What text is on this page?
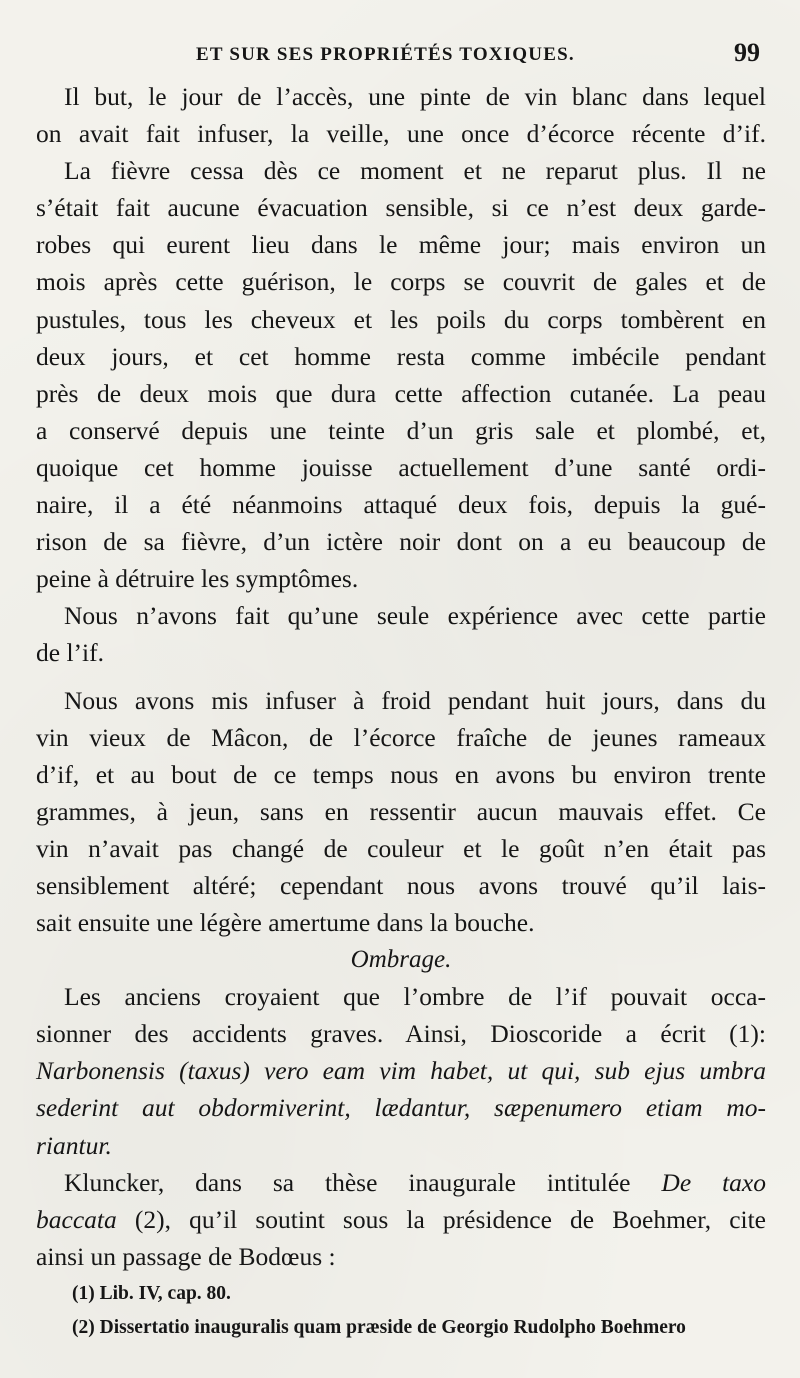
ET SUR SES PROPRIÉTÉS TOXIQUES.	99
Il but, le jour de l’accès, une pinte de vin blanc dans lequel
on avait fait infuser, la veille, une once d’écorce récente d’if.
La fièvre cessa dès ce moment et ne reparut plus. Il ne
s’était fait aucune évacuation sensible, si ce n’est deux garde-
robes qui eurent lieu dans le même jour; mais environ un
mois après cette guérison, le corps se couvrit de gales et de
pustules, tous les cheveux et les poils du corps tombèrent en
deux jours, et cet homme resta comme imbécile pendant
près de deux mois que dura cette affection cutanée. La peau
a conservé depuis une teinte d’un gris sale et plombé, et,
quoique cet homme jouisse actuellement d’une santé ordi-
naire, il a été néanmoins attaqué deux fois, depuis la gué-
rison de sa fièvre, d’un ictère noir dont on a eu beaucoup de
peine à détruire les symptômes.
Nous n’avons fait qu’une seule expérience avec cette partie
de l’if.
Nous avons mis infuser à froid pendant huit jours, dans du
vin vieux de Mâcon, de l’écorce fraîche de jeunes rameaux
d’if, et au bout de ce temps nous en avons bu environ trente
grammes, à jeun, sans en ressentir aucun mauvais effet. Ce
vin n’avait pas changé de couleur et le goût n’en était pas
sensiblement altéré; cependant nous avons trouvé qu’il lais-
sait ensuite une légère amertume dans la bouche.
Ombrage.
Les anciens croyaient que l’ombre de l’if pouvait occa-
sionner des accidents graves. Ainsi, Dioscoride a écrit (1):
Narbonensis (taxus) vero eam vim habet, ut qui, sub ejus umbra
sederint aut obdormiverint, lædantur, sæpenumero etiam mo-
riantur.
Kluncker, dans sa thèse inaugurale intitulée De taxo
baccata (2), qu’il soutint sous la présidence de Boehmer, cite
ainsi un passage de Bodœus :
(1) Lib. IV, cap. 80.
(2) Dissertatio inauguralis quam præside de Georgio Rudolpho Boehmero
